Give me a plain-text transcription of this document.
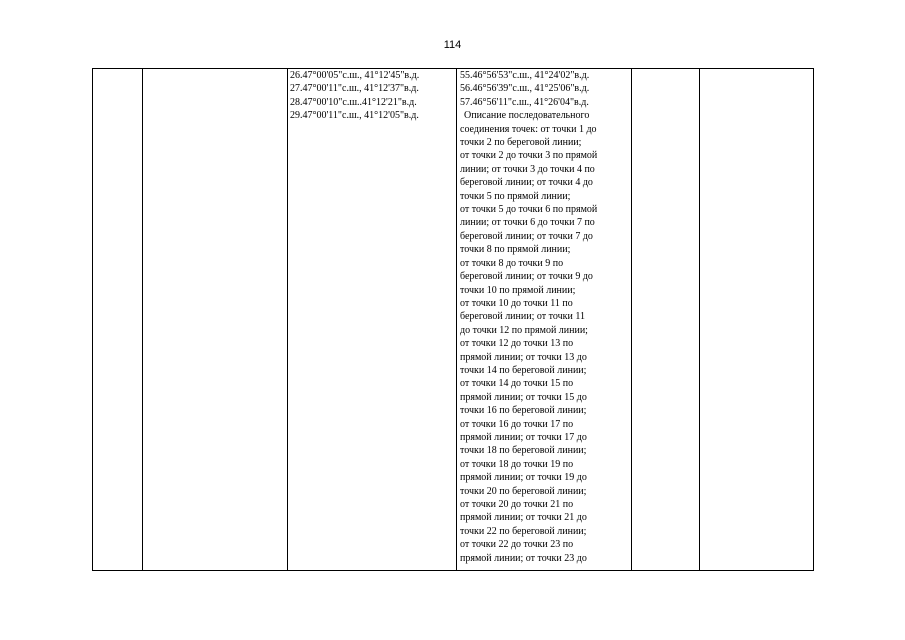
114

26.47°00'05"с.ш., 41°12'45"в.д.
27.47°00'11"с.ш., 41°12'37"в.д.
28.47°00'10"с.ш..41°12'21"в.д.
29.47°00'11"с.ш., 41°12'05"в.д.

55.46°56'53"с.ш., 41°24'02"в.д.
56.46°56'39"с.ш., 41°25'06"в.д.
57.46°56'11"с.ш., 41°26'04"в.д.
Описание последовательного
соединения точек: от точки 1 до
точки 2 по береговой линии;
от точки 2 до точки 3 по прямой
линии; от точки 3 до точки 4 по
береговой линии; от точки 4 до
точки 5 по прямой линии;
от точки 5 до точки 6 по прямой
линии; от точки 6 до точки 7 по
береговой линии; от точки 7 до
точки 8 по прямой линии;
от точки 8 до точки 9 по
береговой линии; от точки 9 до
точки 10 по прямой линии;
от точки 10 до точки 11 по
береговой линии; от точки 11
до точки 12 по прямой линии;
от точки 12 до точки 13 по
прямой линии; от точки 13 до
точки 14 по береговой линии;
от точки 14 до точки 15 по
прямой линии; от точки 15 до
точки 16 по береговой линии;
от точки 16 до точки 17 по
прямой линии; от точки 17 до
точки 18 по береговой линии;
от точки 18 до точки 19 по
прямой линии; от точки 19 до
точки 20 по береговой линии;
от точки 20 до точки 21 по
прямой линии; от точки 21 до
точки 22 по береговой линии;
от точки 22 до точки 23 по
прямой линии; от точки 23 до
